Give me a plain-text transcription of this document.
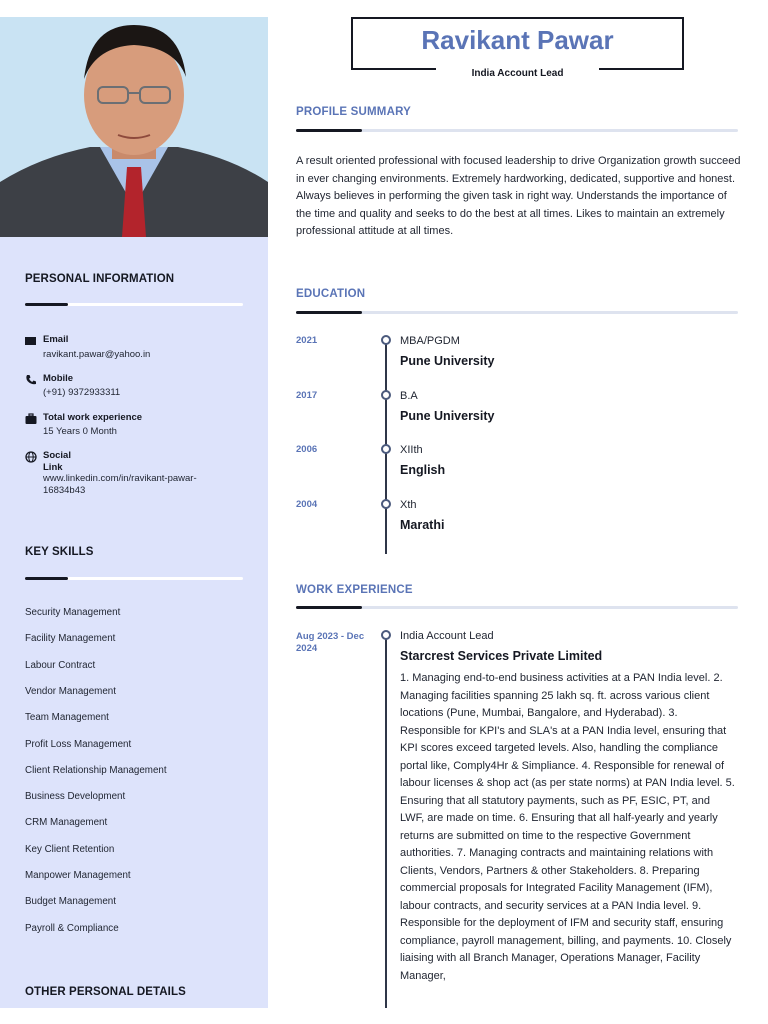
PERSONAL INFORMATION
Email
ravikant.pawar@yahoo.in
Mobile
(+91) 9372933311
Total work experience
15 Years 0 Month
Social
Link
www.linkedin.com/in/ravikant-pawar-
16834b43
KEY SKILLS
Security Management
Facility Management
Labour Contract
Vendor Management
Team Management
Profit Loss Management
Client Relationship Management
Business Development
CRM Management
Key Client Retention
Manpower Management
Budget Management
Payroll & Compliance
OTHER PERSONAL DETAILS
Ravikant Pawar
India Account Lead
PROFILE SUMMARY
A result oriented professional with focused leadership to drive Organization growth succeed in ever changing environments. Extremely hardworking, dedicated, supportive and honest. Always believes in performing the given task in right way. Understands the importance of the time and quality and seeks to do the best at all times. Likes to maintain an extremely professional attitude at all times.
EDUCATION
2021	MBA/PGDM
Pune University
2017	B.A
Pune University
2006	XIIth
English
2004	Xth
Marathi
WORK EXPERIENCE
Aug 2023 - Dec
2024
India Account Lead
Starcrest Services Private Limited
1. Managing end-to-end business activities at a PAN India level. 2. Managing facilities spanning 25 lakh sq. ft. across various client locations (Pune, Mumbai, Bangalore, and Hyderabad). 3. Responsible for KPI's and SLA's at a PAN India level, ensuring that KPI scores exceed targeted levels. Also, handling the compliance portal like, Comply4Hr & Simpliance. 4. Responsible for renewal of labour licenses & shop act (as per state norms) at PAN India level. 5. Ensuring that all statutory payments, such as PF, ESIC, PT, and LWF, are made on time. 6. Ensuring that all half-yearly and yearly returns are submitted on time to the respective Government authorities. 7. Managing contracts and maintaining relations with Clients, Vendors, Partners & other Stakeholders. 8. Preparing commercial proposals for Integrated Facility Management (IFM), labour contracts, and security services at a PAN India level. 9. Responsible for the deployment of IFM and security staff, ensuring compliance, payroll management, billing, and payments. 10. Closely liaising with all Branch Manager, Operations Manager, Facility Manager,
